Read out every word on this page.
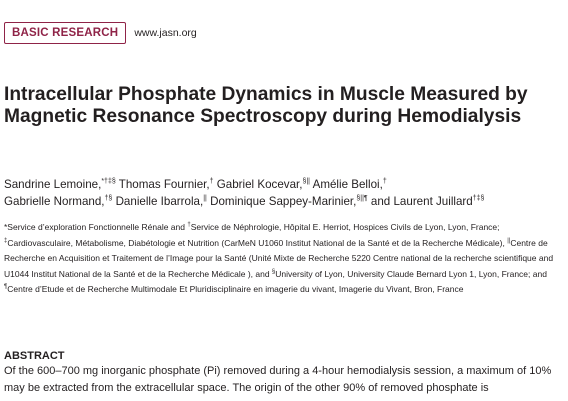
BASIC RESEARCH	www.jasn.org
Intracellular Phosphate Dynamics in Muscle Measured by Magnetic Resonance Spectroscopy during Hemodialysis
Sandrine Lemoine,*†‡§ Thomas Fournier,† Gabriel Kocevar,§|| Amélie Belloi,†
Gabrielle Normand,†§ Danielle Ibarrola,|| Dominique Sappey-Marinier,§||¶ and Laurent Juillard†‡§
*Service d’exploration Fonctionnelle Rénale and †Service de Néphrologie, Hôpital E. Herriot, Hospices Civils de Lyon, Lyon, France; ‡Cardiovasculaire, Métabolisme, Diabétologie et Nutrition (CarMeN U1060 Institut National de la Santé et de la Recherche Médicale), ||Centre de Recherche en Acquisition et Traitement de l’Image pour la Santé (Unité Mixte de Recherche 5220 Centre national de la recherche scientifique and U1044 Institut National de la Santé et de la Recherche Médicale ), and §University of Lyon, University Claude Bernard Lyon 1, Lyon, France; and ¶Centre d’Etude et de Recherche Multimodale Et Pluridisciplinaire en imagerie du vivant, Imagerie du Vivant, Bron, France
ABSTRACT
Of the 600–700 mg inorganic phosphate (Pi) removed during a 4-hour hemodialysis session, a maximum of 10% may be extracted from the extracellular space. The origin of the other 90% of removed phosphate is
